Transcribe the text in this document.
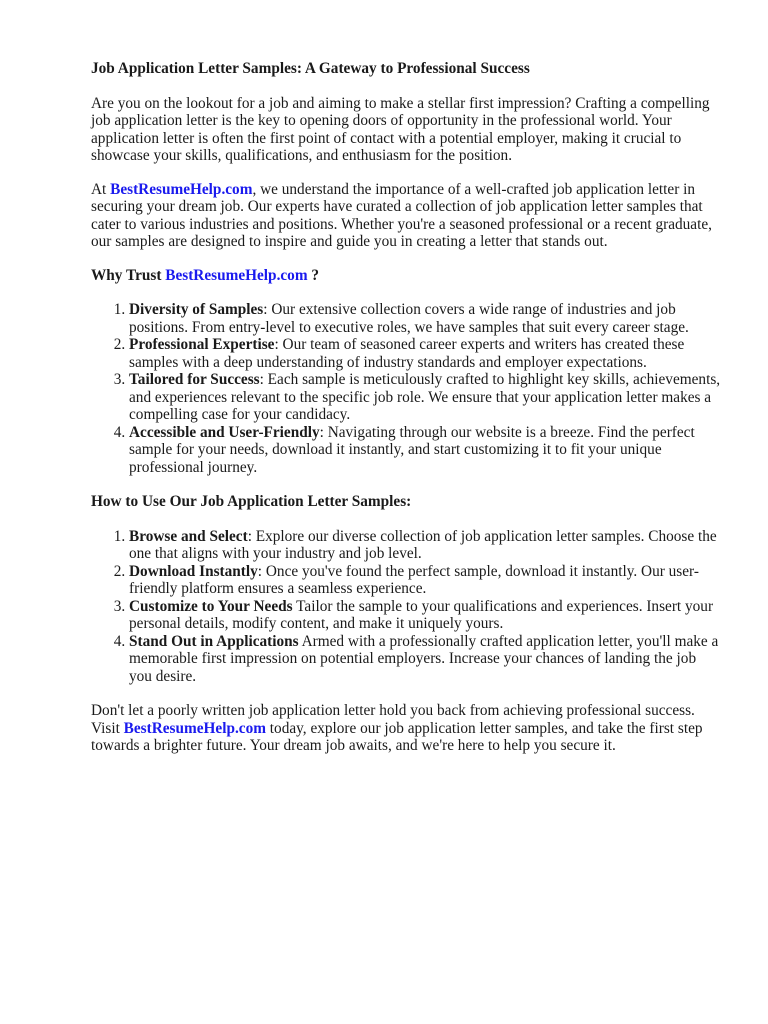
Job Application Letter Samples: A Gateway to Professional Success

Are you on the lookout for a job and aiming to make a stellar first impression? Crafting a compelling job application letter is the key to opening doors of opportunity in the professional world. Your application letter is often the first point of contact with a potential employer, making it crucial to showcase your skills, qualifications, and enthusiasm for the position.

At BestResumeHelp.com, we understand the importance of a well-crafted job application letter in securing your dream job. Our experts have curated a collection of job application letter samples that cater to various industries and positions. Whether you're a seasoned professional or a recent graduate, our samples are designed to inspire and guide you in creating a letter that stands out.

Why Trust BestResumeHelp.com ?
1. Diversity of Samples: Our extensive collection covers a wide range of industries and job positions. From entry-level to executive roles, we have samples that suit every career stage.
2. Professional Expertise: Our team of seasoned career experts and writers has created these samples with a deep understanding of industry standards and employer expectations.
3. Tailored for Success: Each sample is meticulously crafted to highlight key skills, achievements, and experiences relevant to the specific job role. We ensure that your application letter makes a compelling case for your candidacy.
4. Accessible and User-Friendly: Navigating through our website is a breeze. Find the perfect sample for your needs, download it instantly, and start customizing it to fit your unique professional journey.
How to Use Our Job Application Letter Samples:
1. Browse and Select: Explore our diverse collection of job application letter samples. Choose the one that aligns with your industry and job level.
2. Download Instantly: Once you've found the perfect sample, download it instantly. Our user-friendly platform ensures a seamless experience.
3. Customize to Your Needs Tailor the sample to your qualifications and experiences. Insert your personal details, modify content, and make it uniquely yours.
4. Stand Out in Applications Armed with a professionally crafted application letter, you'll make a memorable first impression on potential employers. Increase your chances of landing the job you desire.

Don't let a poorly written job application letter hold you back from achieving professional success. Visit BestResumeHelp.com today, explore our job application letter samples, and take the first step towards a brighter future. Your dream job awaits, and we're here to help you secure it.
